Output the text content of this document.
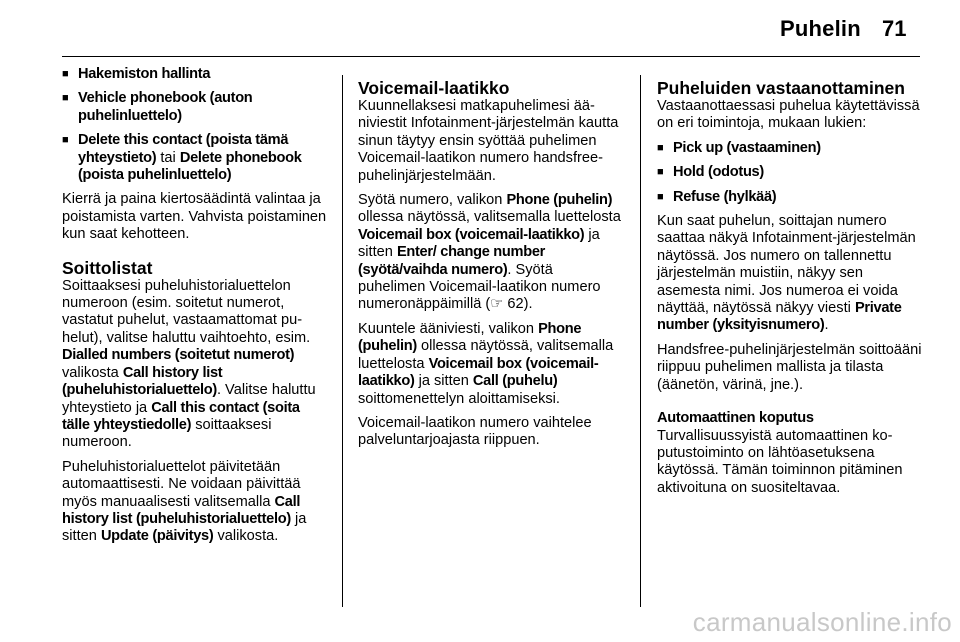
Puhelin 71
■ Hakemiston hallinta
■ Vehicle phonebook (auton puhelinluettelo)
■ Delete this contact (poista tämä yhteystieto) tai Delete phonebook (poista puhelinluettelo)

Kierrä ja paina kiertosäädintä valintaa ja poistamista varten. Vahvista poistaminen kun saat kehotteen.

Soittolistat

Soittaaksesi puheluhistorialuettelon numeroon (esim. soitetut numerot, vastatut puhelut, vastaamattomat puhelut), valitse haluttu vaihtoehto, esim. Dialled numbers (soitetut numerot) valikosta Call history list (puheluhistorialuettelo). Valitse haluttu yhteystieto ja Call this contact (soita tälle yhteystiedolle) soittaaksesi numeroon.

Puheluhistorialuettelot päivitetään automaattisesti. Ne voidaan päivittää myös manuaalisesti valitsemalla Call history list (puheluhistorialuettelo) ja sitten Update (päivitys) valikosta.

Voicemail-laatikko

Kuunnellaksesi matkapuhelimesi ääniviestit Infotainment-järjestelmän kautta sinun täytyy ensin syöttää puhelimen Voicemail-laatikon numero handsfree-puhelinjärjestelmään.

Syötä numero, valikon Phone (puhelin) ollessa näytössä, valitsemalla luettelosta Voicemail box (voicemail-laatikko) ja sitten Enter/ change number (syötä/vaihda numero). Syötä puhelimen Voicemail-laatikon numero numeronäppäimillä (☞ 62).

Kuuntele ääniviesti, valikon Phone (puhelin) ollessa näytössä, valitsemalla luettelosta Voicemail box (voicemail-laatikko) ja sitten Call (puhelu) soittomenettelyn aloittamiseksi.

Voicemail-laatikon numero vaihtelee palveluntarjoajasta riippuen.

Puheluiden vastaanottaminen

Vastaanottaessasi puhelua käytettävissä on eri toimintoja, mukaan lukien:

■ Pick up (vastaaminen)
■ Hold (odotus)
■ Refuse (hylkää)

Kun saat puhelun, soittajan numero saattaa näkyä Infotainment-järjestelmän näytössä. Jos numero on tallennettu järjestelmän muistiin, näkyy sen asemesta nimi. Jos numeroa ei voida näyttää, näytössä näkyy viesti Private number (yksityisnumero).

Handsfree-puhelinjärjestelmän soittoääni riippuu puhelimen mallista ja tilasta (äänetön, värinä, jne.).

Automaattinen koputus

Turvallisuussyistä automaattinen koputustoiminto on lähtöasetuksena käytössä. Tämän toiminnon pitäminen aktivoituna on suositeltavaa.

carmanualsonline.info
